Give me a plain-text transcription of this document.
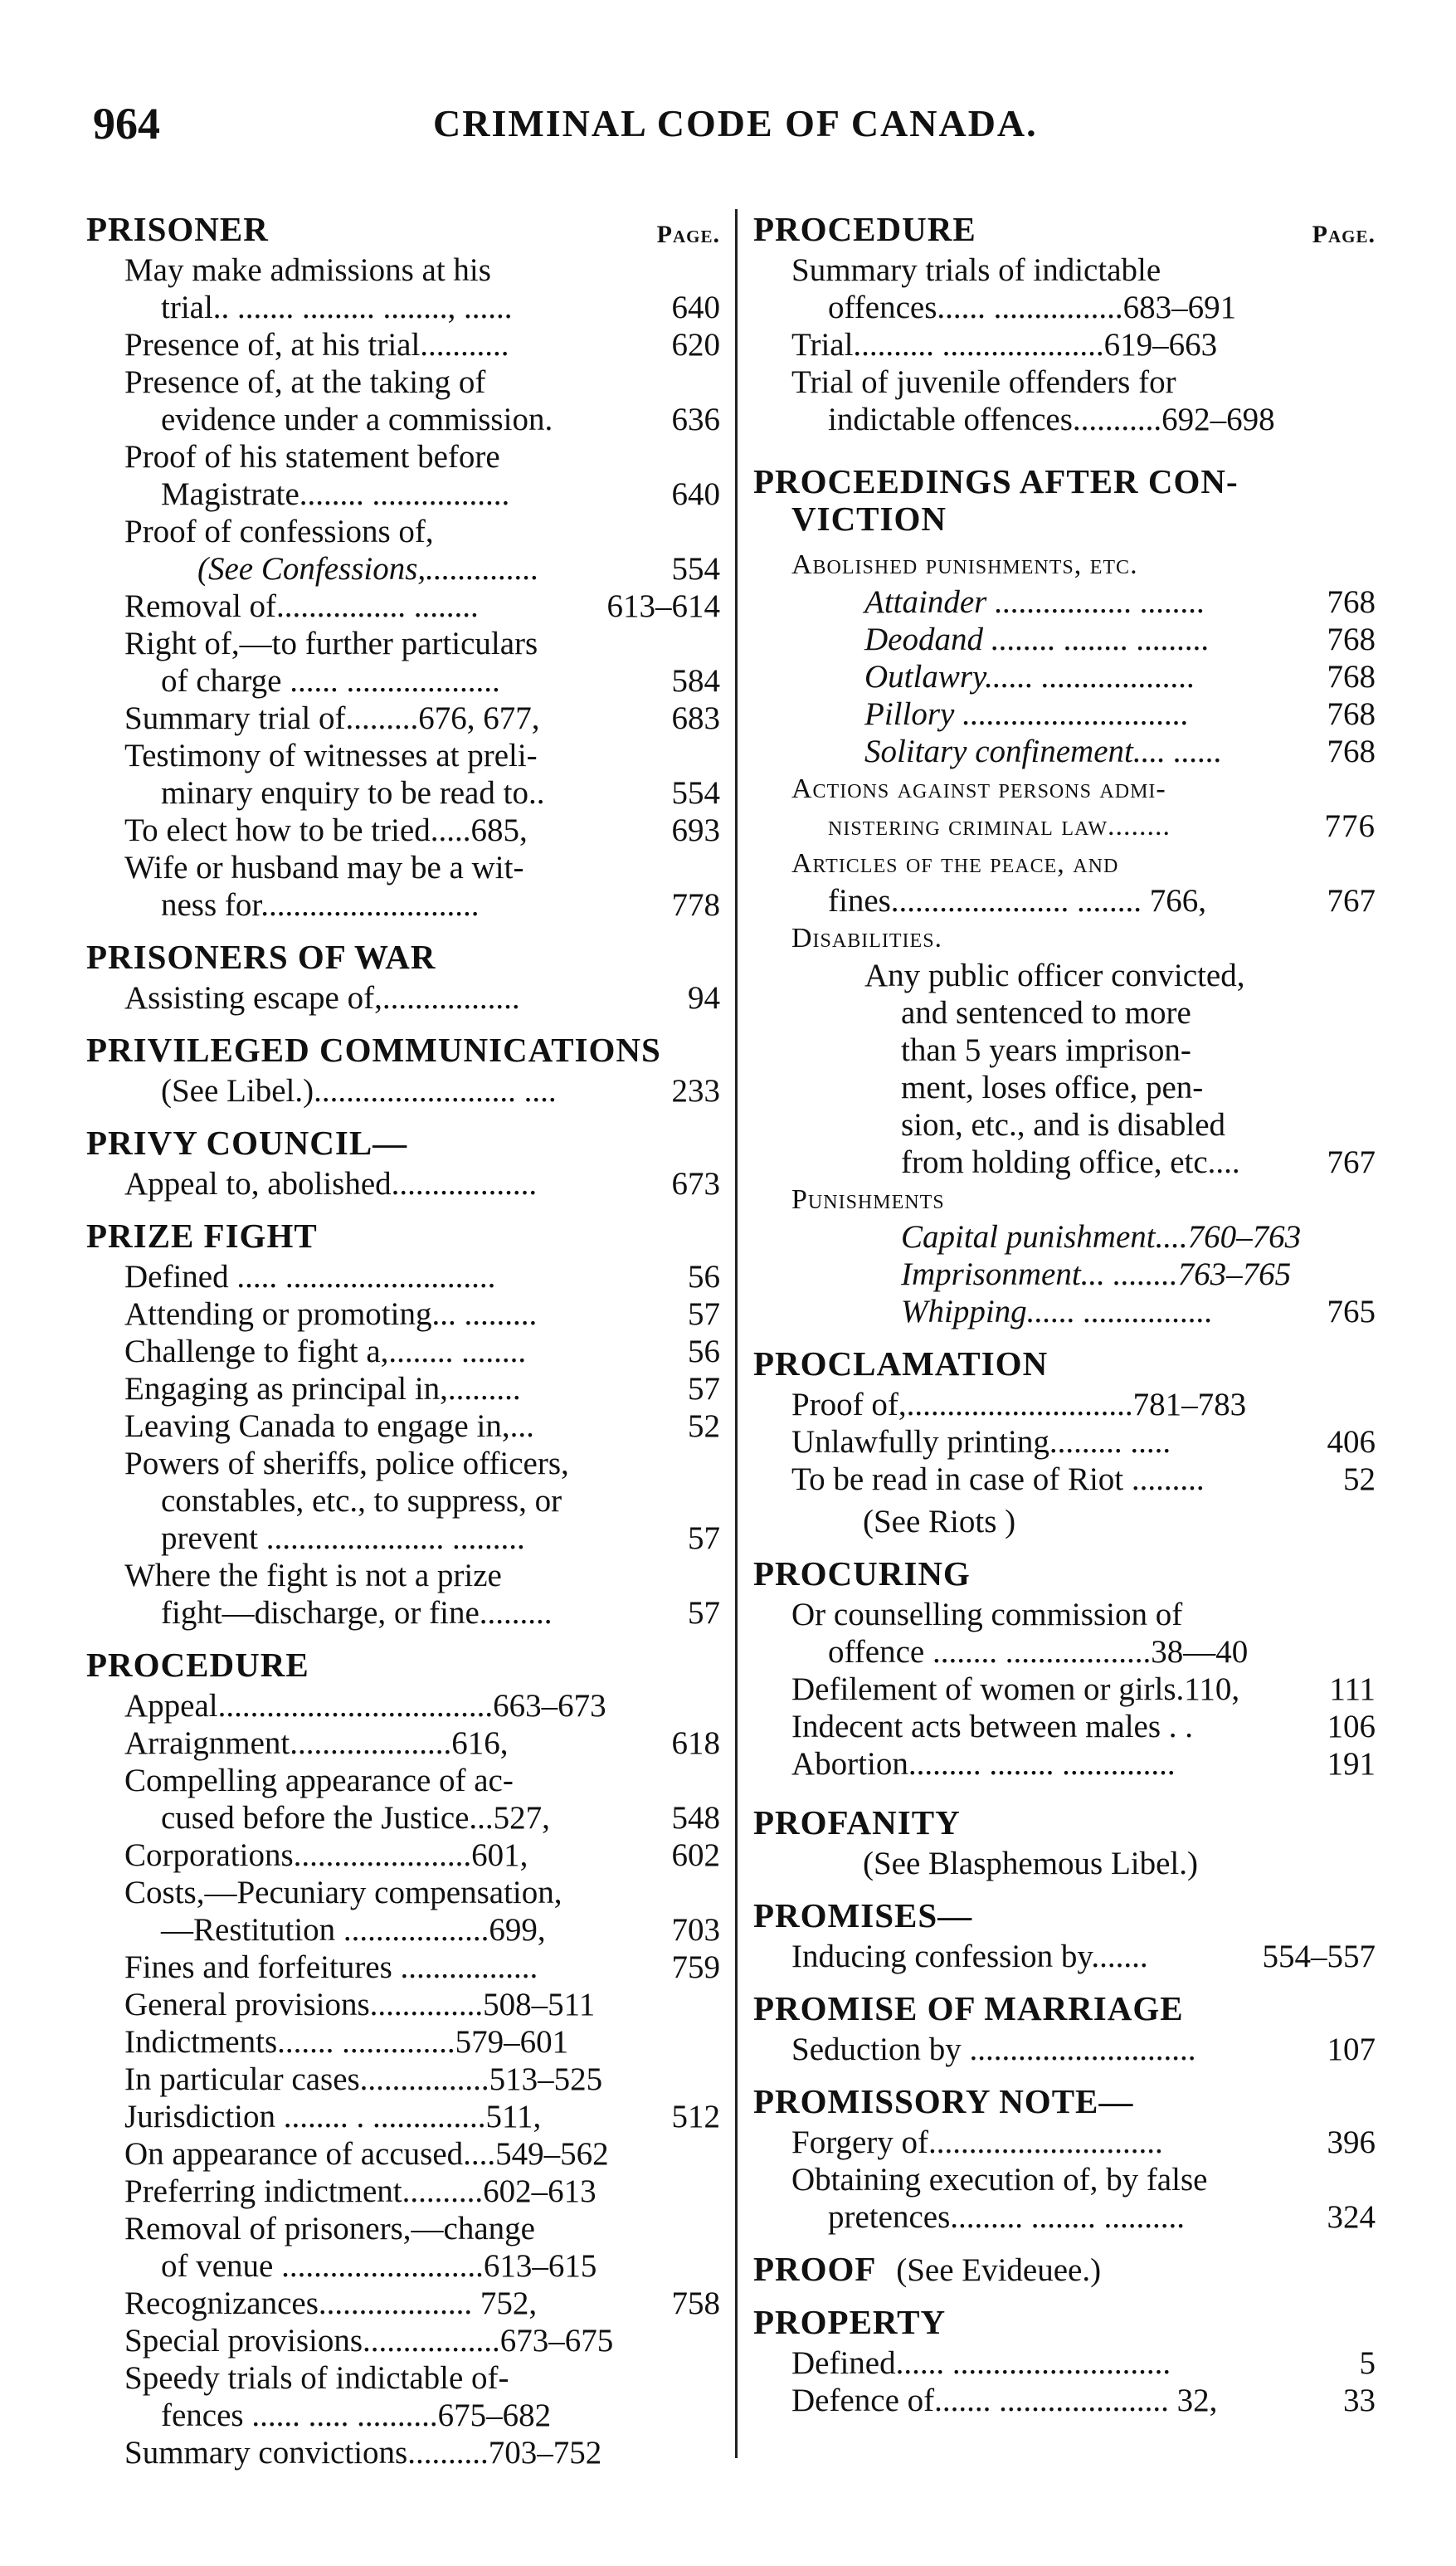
964	CRIMINAL CODE OF CANADA.
PRISONER	Page.
May make admissions at his
trial.. ....... ......... ........, ......	640
Presence of, at his trial...........	620
Presence of, at the taking of
evidence under a commission.	636
Proof of his statement before
Magistrate........ .................	640
Proof of confessions of,
(See Confessions,..............	554
Removal of................ ........	613–614
Right of,—to further particulars
of charge ...... ...................	584
Summary trial of.........676, 677,	683
Testimony of witnesses at preli-
minary enquiry to be read to..	554
To elect how to be tried.....685,	693
Wife or husband may be a wit-
ness for...........................	778
PRISONERS OF WAR
Assisting escape of,.................	94
PRIVILEGED COMMUNICATIONS
(See Libel.)......................... ....	233
PRIVY COUNCIL—
Appeal to, abolished..................	673
PRIZE FIGHT
Defined ..... ..........................	56
Attending or promoting... .........	57
Challenge to fight a,........ ........	56
Engaging as principal in,.........	57
Leaving Canada to engage in,...	52
Powers of sheriffs, police officers,
constables, etc., to suppress, or
prevent ...................... .........	57
Where the fight is not a prize
fight—discharge, or fine.........	57
PROCEDURE
Appeal..................................663–673
Arraignment....................616,	618
Compelling appearance of ac-
cused before the Justice...527,	548
Corporations......................601,	602
Costs,—Pecuniary compensation,
—Restitution ..................699,	703
Fines and forfeitures .................	759
General provisions..............508–511
Indictments....... ..............579–601
In particular cases................513–525
Jurisdiction ........ . ..............511,	512
On appearance of accused....549–562
Preferring indictment..........602–613
Removal of prisoners,—change
of venue .........................613–615
Recognizances................... 752,	758
Special provisions.................673–675
Speedy trials of indictable of-
fences ...... ..... ..........675–682
Summary convictions..........703–752
PROCEDURE	Page.
Summary trials of indictable
offences...... ................683–691
Trial.......... ....................619–663
Trial of juvenile offenders for
indictable offences...........692–698
PROCEEDINGS AFTER CON-
VICTION
Abolished punishments, etc.
Attainder ................. ........	768
Deodand ........ ........ .........	768
Outlawry...... ...................	768
Pillory ............................	768
Solitary confinement.... ......	768
Actions against persons admi-
nistering criminal law........	776
Articles of the peace, and
fines...................... ........ 766,	767
Disabilities.
Any public officer convicted,
and sentenced to more
than 5 years imprison-
ment, loses office, pen-
sion, etc., and is disabled
from holding office, etc....	767
Punishments
Capital punishment....760–763
Imprisonment... ........763–765
Whipping...... ................	765
PROCLAMATION
Proof of,............................781–783
Unlawfully printing......... .....	406
To be read in case of Riot .........	52
(See Riots )
PROCURING
Or counselling commission of
offence ........ ..................38—40
Defilement of women or girls.110,	111
Indecent acts between males . .	106
Abortion......... ........ ..............	191
PROFANITY
(See Blasphemous Libel.)
PROMISES—
Inducing confession by.......	554–557
PROMISE OF MARRIAGE
Seduction by ............................	107
PROMISSORY NOTE—
Forgery of.............................	396
Obtaining execution of, by false
pretences......... ........ ..........	324
PROOF (See Evideuee.)
PROPERTY
Defined...... ...........................	5
Defence of....... ..................... 32,	33
